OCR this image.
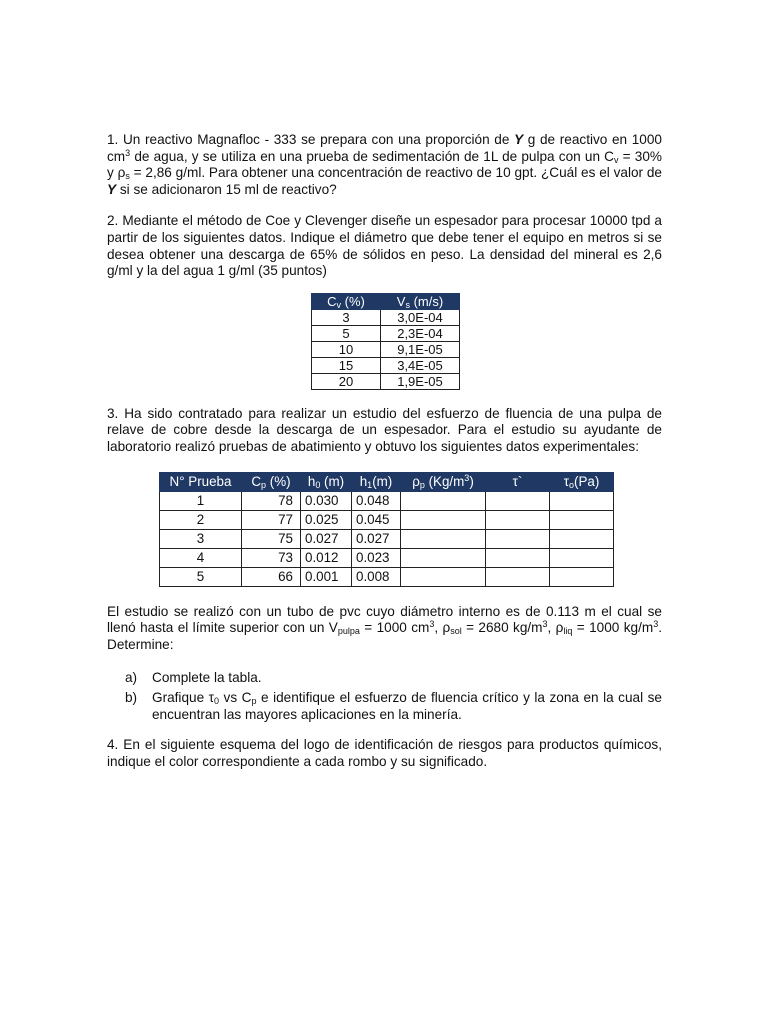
1. Un reactivo Magnafloc - 333 se prepara con una proporción de Y g de reactivo en 1000 $cm^3$ de agua, y se utiliza en una prueba de sedimentación de 1L de pulpa con un $C_v = 30\%$ y $\rho_s = 2,86$ g/ml. Para obtener una concentración de reactivo de 10 gpt. ¿Cuál es el valor de Y si se adicionaron 15 ml de reactivo?

2. Mediante el método de Coe y Clevenger diseñe un espesador para procesar 10000 tpd a partir de los siguientes datos. Indique el diámetro que debe tener el equipo en metros si se desea obtener una descarga de 65% de sólidos en peso. La densidad del mineral es 2,6 g/ml y la del agua 1 g/ml (35 puntos)

$C_v$ (%)	$V_s$ (m/s)
3	3,0E-04
5	2,3E-04
10	9,1E-05
15	3,4E-05
20	1,9E-05

3. Ha sido contratado para realizar un estudio del esfuerzo de fluencia de una pulpa de relave de cobre desde la descarga de un espesador. Para el estudio su ayudante de laboratorio realizó pruebas de abatimiento y obtuvo los siguientes datos experimentales:

N° Prueba	$C_p$ (%)	$h_0$ (m)	$h_1(m)$	$\rho_p$ $(Kg/m^3)$	τ`	$\tau_o(Pa)$
1	78	0.030	0.048			
2	77	0.025	0.045			
3	75	0.027	0.027			
4	73	0.012	0.023			
5	66	0.001	0.008			

El estudio se realizó con un tubo de pvc cuyo diámetro interno es de 0.113 m el cual se llenó hasta el límite superior con un $V_{pulpa} = 1000$ $cm^3$, $\rho_{sol} = 2680$ $kg/m^3$, $\rho_{liq} = 1000$ $kg/m^3$. Determine:

a) Complete la tabla.
b) Grafique $\tau_0$ vs $C_p$ e identifique el esfuerzo de fluencia crítico y la zona en la cual se encuentran las mayores aplicaciones en la minería.

4. En el siguiente esquema del logo de identificación de riesgos para productos químicos, indique el color correspondiente a cada rombo y su significado.
